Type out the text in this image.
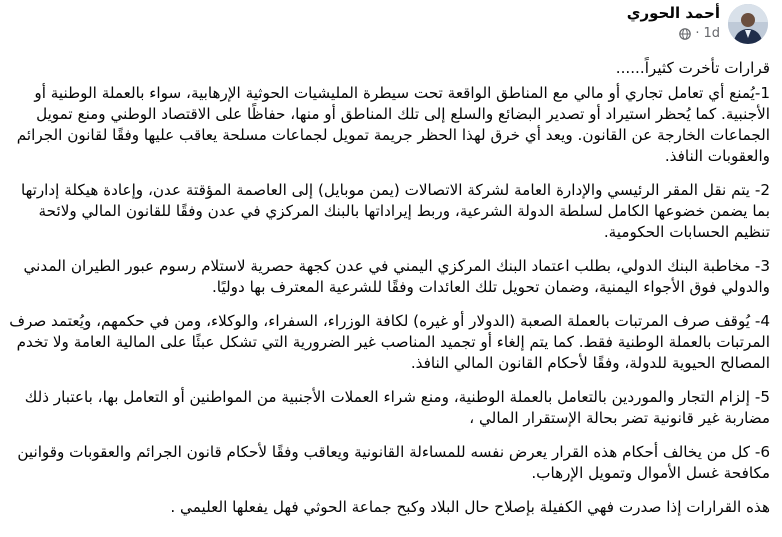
أحمد الحوري
1d
·

قرارات تأخرت كثيراً......

1-يُمنع أي تعامل تجاري أو مالي مع المناطق الواقعة تحت سيطرة المليشيات الحوثية الإرهابية، سواء بالعملة الوطنية أو الأجنبية. كما يُحظر استيراد أو تصدير البضائع والسلع إلى تلك المناطق أو منها، حفاظًا على الاقتصاد الوطني ومنع تمويل الجماعات الخارجة عن القانون. ويعد أي خرق لهذا الحظر جريمة تمويل لجماعات مسلحة يعاقب عليها وفقًا لقانون الجرائم والعقوبات النافذ.

2- يتم نقل المقر الرئيسي والإدارة العامة لشركة الاتصالات (يمن موبايل) إلى العاصمة المؤقتة عدن، وإعادة هيكلة إدارتها بما يضمن خضوعها الكامل لسلطة الدولة الشرعية، وربط إيراداتها بالبنك المركزي في عدن وفقًا للقانون المالي ولائحة تنظيم الحسابات الحكومية.

3- مخاطبة البنك الدولي، بطلب اعتماد البنك المركزي اليمني في عدن كجهة حصرية لاستلام رسوم عبور الطيران المدني والدولي فوق الأجواء اليمنية، وضمان تحويل تلك العائدات وفقًا للشرعية المعترف بها دوليًا.

4- يُوقف صرف المرتبات بالعملة الصعبة (الدولار أو غيره) لكافة الوزراء، السفراء، والوكلاء، ومن في حكمهم، ويُعتمد صرف المرتبات بالعملة الوطنية فقط. كما يتم إلغاء أو تجميد المناصب غير الضرورية التي تشكل عبئًا على المالية العامة ولا تخدم المصالح الحيوية للدولة، وفقًا لأحكام القانون المالي النافذ.

5- إلزام التجار والموردين بالتعامل بالعملة الوطنية، ومنع شراء العملات الأجنبية من المواطنين أو التعامل بها، باعتبار ذلك مضاربة غير قانونية تضر بحالة الإستقرار المالي ،

6- كل من يخالف أحكام هذه القرار يعرض نفسه للمساءلة القانونية ويعاقب وفقًا لأحكام قانون الجرائم والعقوبات وقوانين مكافحة غسل الأموال وتمويل الإرهاب.

هذه القرارات إذا صدرت فهي الكفيلة بإصلاح حال البلاد وكبح جماعة الحوثي فهل يفعلها العليمي .
